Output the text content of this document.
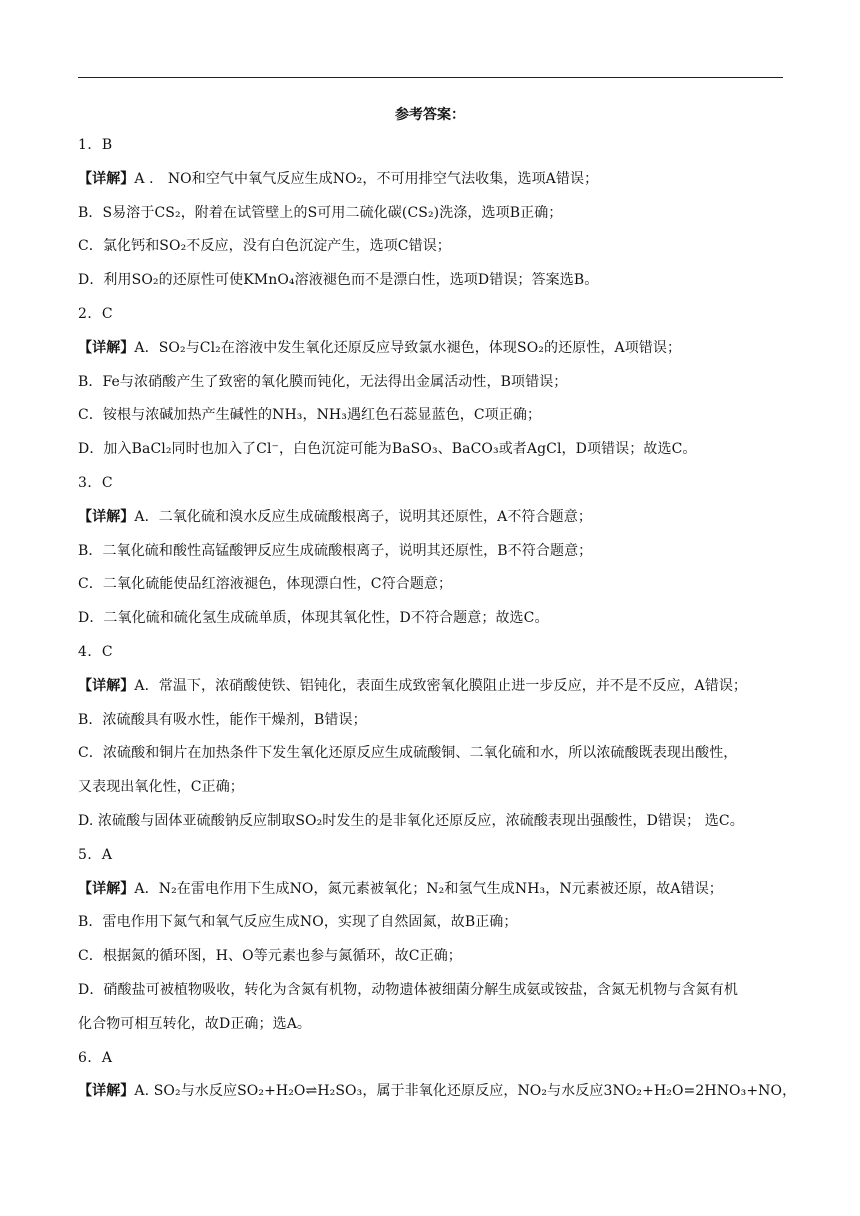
参考答案：
1．B
【详解】A ． NO和空气中氧气反应生成NO₂，不可用排空气法收集，选项A错误；
B．S易溶于CS₂，附着在试管壁上的S可用二硫化碳(CS₂)洗涤，选项B正确；
C．氯化钙和SO₂不反应，没有白色沉淀产生，选项C错误；
D．利用SO₂的还原性可使KMnO₄溶液褪色而不是漂白性，选项D错误；答案选B。
2．C
【详解】A．SO₂与Cl₂在溶液中发生氧化还原反应导致氯水褪色，体现SO₂的还原性，A项错误；
B．Fe与浓硝酸产生了致密的氧化膜而钝化，无法得出金属活动性，B项错误；
C．铵根与浓碱加热产生碱性的NH₃，NH₃遇红色石蕊显蓝色，C项正确；
D．加入BaCl₂同时也加入了Cl⁻，白色沉淀可能为BaSO₃、BaCO₃或者AgCl，D项错误；故选C。
3．C
【详解】A．二氧化硫和溴水反应生成硫酸根离子，说明其还原性，A不符合题意；
B．二氧化硫和酸性高锰酸钾反应生成硫酸根离子，说明其还原性，B不符合题意；
C．二氧化硫能使品红溶液褪色，体现漂白性，C符合题意；
D．二氧化硫和硫化氢生成硫单质，体现其氧化性，D不符合题意；故选C。
4．C
【详解】A．常温下，浓硝酸使铁、铝钝化，表面生成致密氧化膜阻止进一步反应，并不是不反应，A错误；
B．浓硫酸具有吸水性，能作干燥剂，B错误；
C．浓硫酸和铜片在加热条件下发生氧化还原反应生成硫酸铜、二氧化硫和水，所以浓硫酸既表现出酸性，
又表现出氧化性，C正确；
D. 浓硫酸与固体亚硫酸钠反应制取SO₂时发生的是非氧化还原反应，浓硫酸表现出强酸性，D错误； 选C。
5．A
【详解】A．N₂在雷电作用下生成NO，氮元素被氧化；N₂和氢气生成NH₃，N元素被还原，故A错误；
B．雷电作用下氮气和氧气反应生成NO，实现了自然固氮，故B正确；
C．根据氮的循环图，H、O等元素也参与氮循环，故C正确；
D．硝酸盐可被植物吸收，转化为含氮有机物，动物遗体被细菌分解生成氨或铵盐，含氮无机物与含氮有机
化合物可相互转化，故D正确；选A。
6．A
【详解】A. SO₂与水反应SO₂+H₂O⇌H₂SO₃，属于非氧化还原反应，NO₂与水反应3NO₂+H₂O=2HNO₃+NO，
